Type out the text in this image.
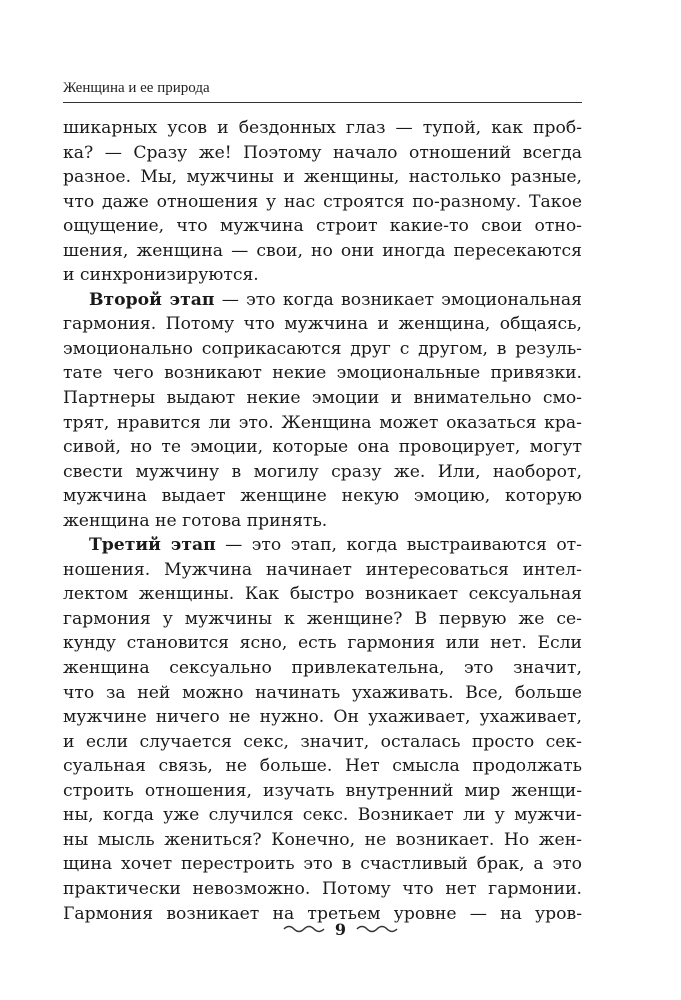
Женщина и ее природа
шикарных усов и бездонных глаз — тупой, как проб-
ка? — Сразу же! Поэтому начало отношений всегда
разное. Мы, мужчины и женщины, настолько разные,
что даже отношения у нас строятся по-разному. Такое
ощущение, что мужчина строит какие-то свои отно-
шения, женщина — свои, но они иногда пересекаются
и синхронизируются.
Второй этап — это когда возникает эмоциональная
гармония. Потому что мужчина и женщина, общаясь,
эмоционально соприкасаются друг с другом, в резуль-
тате чего возникают некие эмоциональные привязки.
Партнеры выдают некие эмоции и внимательно смо-
трят, нравится ли это. Женщина может оказаться кра-
сивой, но те эмоции, которые она провоцирует, могут
свести мужчину в могилу сразу же. Или, наоборот,
мужчина выдает женщине некую эмоцию, которую
женщина не готова принять.
Третий этап — это этап, когда выстраиваются от-
ношения. Мужчина начинает интересоваться интел-
лектом женщины. Как быстро возникает сексуальная
гармония у мужчины к женщине? В первую же се-
кунду становится ясно, есть гармония или нет. Если
женщина сексуально привлекательна, это значит,
что за ней можно начинать ухаживать. Все, больше
мужчине ничего не нужно. Он ухаживает, ухаживает,
и если случается секс, значит, осталась просто сек-
суальная связь, не больше. Нет смысла продолжать
строить отношения, изучать внутренний мир женщи-
ны, когда уже случился секс. Возникает ли у мужчи-
ны мысль жениться? Конечно, не возникает. Но жен-
щина хочет перестроить это в счастливый брак, а это
практически невозможно. Потому что нет гармонии.
Гармония возникает на третьем уровне — на уров-
9
